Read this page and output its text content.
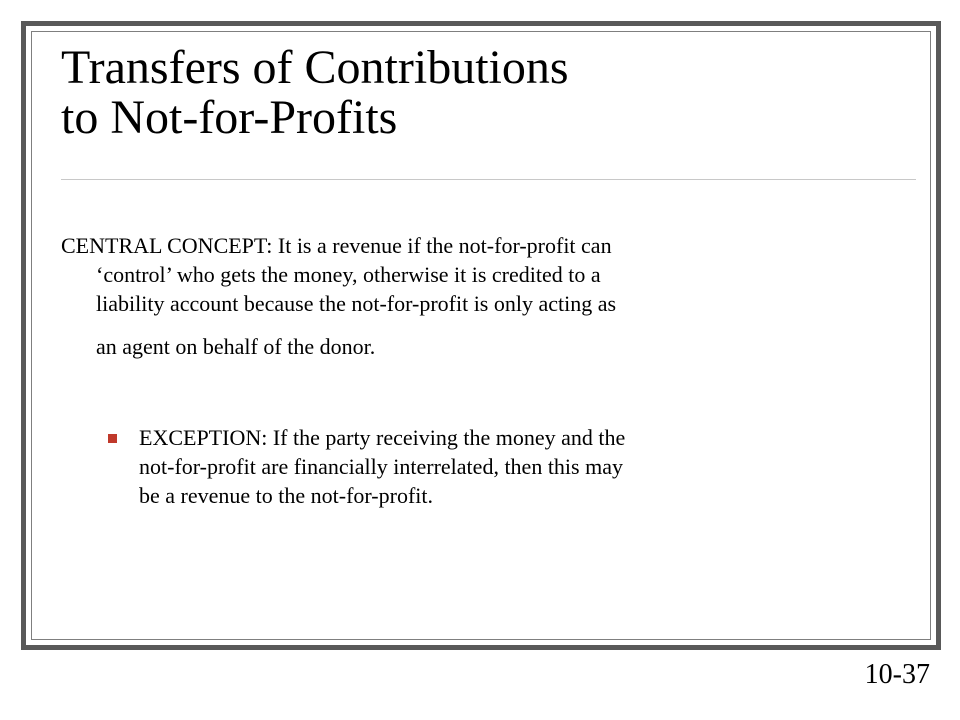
Transfers of Contributions
to Not-for-Profits
CENTRAL CONCEPT: It is a revenue if the not-for-profit can
‘control’ who gets the money, otherwise it is credited to a
liability account because the not-for-profit is only acting as
an agent on behalf of the donor.
EXCEPTION: If the party receiving the money and the
not-for-profit are financially interrelated, then this may
be a revenue to the not-for-profit.
10-37
